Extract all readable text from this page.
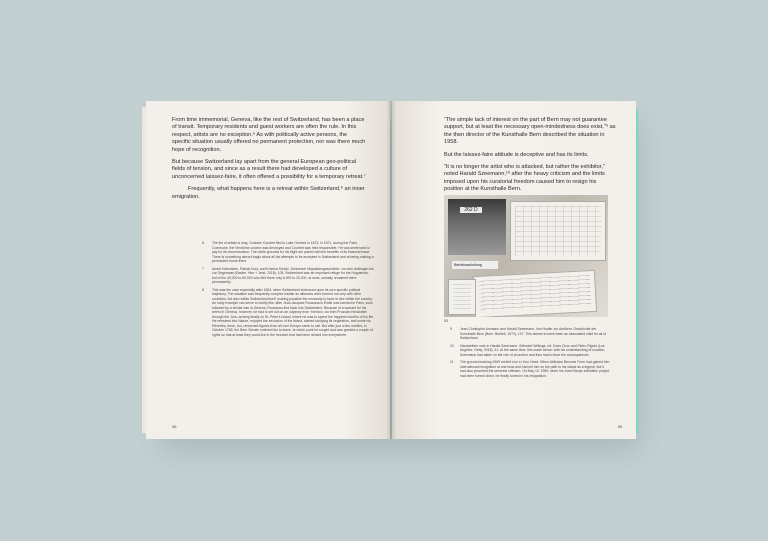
From time immemorial, Geneva, like the rest of Switzerland, has been a place of transit. Temporary residents and guest workers are often the rule. In this respect, artists are no exception.⁶ As with politically active persons, the specific situation usually offered no permanent protection, nor was there much hope of recognition.

But because Switzerland lay apart from the general European geo-political fields of tension, and since as a result there had developed a culture of unconcerned laissez-faire, it often offered a possibility for a temporary retreat.⁷

Frequently, what happens here is a retreat within Switzerland,⁸ an inner emigration.

6	The list of artists is long. Gustave Courbet fled to Lake Geneva in 1873, in 1871, during the Paris Commune, the Vendôme column was destroyed and Courbet was held responsible. He was sentenced to pay for its reconstruction. The noble grounds for his flight are paired with the benefits of its financial issue. There is something almost tragic about all his attempts to be accepted in Switzerland and at being making a permanent home there.
7	André Holenstein, Patrick Kury, and Kristina Schulz, Schweizer Migrationsgeschichte: von den Anfängen bis zur Gegenwart (Baden: Hier + Jetzt, 2018), 105. Switzerland was an important refuge for the Huguenots, but of the 40,000 to 60,000 who fled there only 6,000 to 20,000, at most, actually remained there permanently.
8	This was the case especially after 1684, when Switzerland embraced upon its own specific political trajectory. The situation was frequently complex insofar as alliances were formed not only with other countries, but also within Switzerland itself, making possible the necessity to have to flee within the country. An early example can serve to clarify this: after Jean-Jacques Rousseau's Émile was banned in Paris, soon followed by a similar ban in Geneva, Rousseau fled back into Switzerland. Because of a warrant for his arrest in Geneva, however, he had to set out on an odyssey from Yverdon, via then Prussian Neuchâtel through the Jura, arriving finally on St. Peter's Island, where he was to spend the happiest months of his life. He retreated into Nature, enjoyed the seclusion of the island, started studying its vegetation, and wrote his Rêveries; there, too, renowned figures from all over Europe came to call. But after just a few months, in October 1765, the Bern Senate ordered him to leave, at which point he sought and was granted a couple of rights so that at least they could live in the freedom that had been denied him everywhere.
36

“The simple lack of interest on the part of Bern may not guarantee support, but at least the necessary open-mindedness does exist,”⁹ as the then director of the Kunsthalle Bern described the situation in 1958.

But the laissez-faire attitude is deceptive and has its limits.

“It is no longer the artist who is attacked, but rather the exhibitor,” noted Harald Szeemann,¹⁰ after the heavy criticism and the limits imposed upon his curatorial freedom caused him to resign his position at the Kunsthalle Bern.

262 D
Betriebsanleitung
03
9	Jean-Christophe Ammann and Harald Szeemann, Von Hodler zur Antiform. Geschichte der Kunsthalle Bern (Bern: Benteli, 1970), 137. This seems to have been an associated valid for all of Switzerland.
10	Handwritten note in Harald Szeemann, Selected Writings, ed. Doris Chon and Pietro Rigolo (Los Angeles: Getty, 2018), 31. At the same time, this made sense: with his understanding of curation, Szeemann had taken on the role of an author and thus had to bear the consequences.
11	The ground-breaking 1969 exhibit Live in Your Head: When Attitudes Become Form had gained him international recognition at one blow and had set him on the path to his status as a legend, but it had also provoked the severest criticism. On May 10, 1969, when his Josef Beuys exhibition project had been turned down, he finally turned in his resignation.
39
